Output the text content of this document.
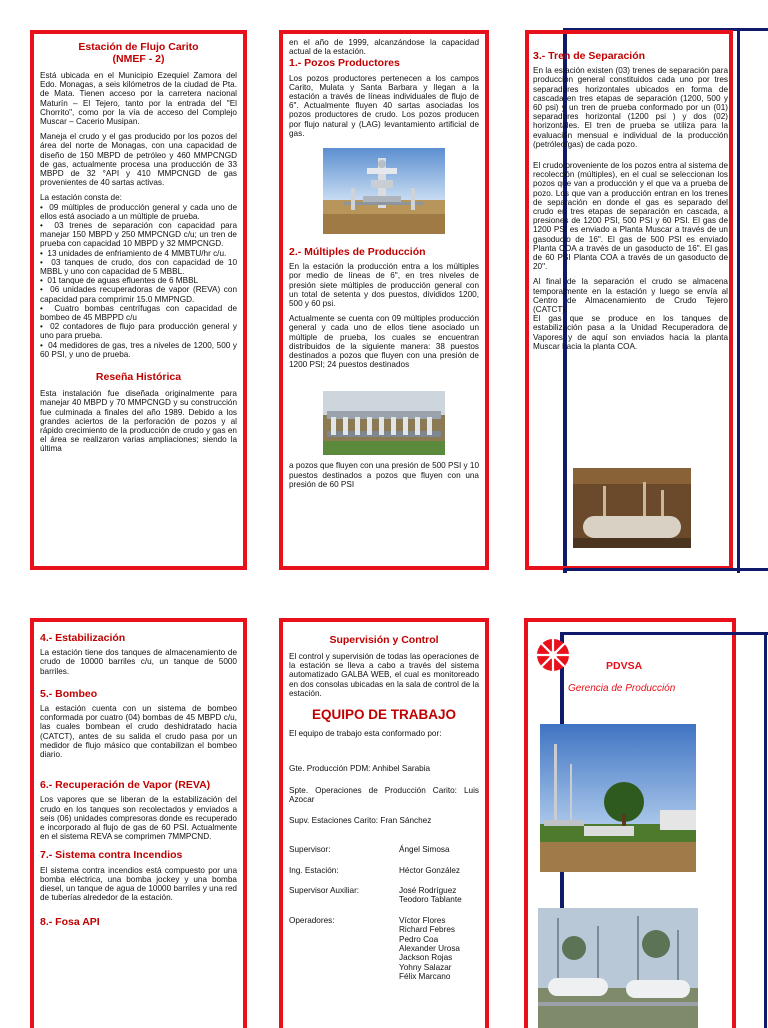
Estación de Flujo Carito
(NMEF - 2)

Está ubicada en el Municipio Ezequiel Zamora del Edo. Monagas, a seis kilómetros de la ciudad de Pta. de Mata. Tienen acceso por la carretera nacional Maturín – El Tejero, tanto por la entrada del "El Chorrito", como por la vía de acceso del Complejo Muscar – Cacerio Musipan.

Maneja el crudo y el gas producido por los pozos del área del norte de Monagas, con una capacidad de diseño de 150 MBPD de petróleo y 460 MMPCNGD de gas, actualmente procesa una producción de 33 MBPD de 32 °API y 410 MMPCNGD de gas provenientes de 40 sartas activas.

La estación consta de:
•  09 múltiples de producción general y cada uno de ellos está asociado a un múltiple de prueba.
•  03 trenes de separación con capacidad para manejar 150 MBPD y 250 MMPCNGD c/u; un tren de prueba con capacidad 10 MBPD y 32 MMPCNGD.
•  13 unidades de enfriamiento de 4 MMBTU/hr c/u.
•  03 tanques de crudo, dos con capacidad de 10 MBBL y uno con capacidad de 5 MBBL.
•  01 tanque de aguas efluentes de 6 MBBL
•  06 unidades recuperadoras de vapor (REVA) con capacidad para comprimir 15.0 MMPNGD.
•  Cuatro bombas centrífugas con capacidad de bombeo de 45 MBPPD c/u
•  02 contadores de flujo para producción general y uno para prueba.
•  04 medidores de gas, tres a niveles de 1200, 500 y 60 PSI, y uno de prueba.
Reseña Histórica

Esta instalación fue diseñada originalmente para manejar 40 MBPD y 70 MMPCNGD y su construcción fue culminada a finales del año 1989. Debido a los grandes aciertos de la perforación de pozos y al rápido crecimiento de la producción de crudo y gas en el área se realizaron varias ampliaciones; siendo la última

en el año de 1999, alcanzándose la capacidad actual de la estación.

1.- Pozos Productores

Los pozos productores pertenecen a los campos Carito, Mulata y Santa Barbara y llegan a la estación a través de líneas individuales de flujo de 6". Actualmente fluyen 40 sartas asociadas los pozos productores de crudo. Los pozos producen por flujo natural y (LAG) levantamiento artificial de gas.

2.- Múltiples de Producción

En la estación la producción entra a los múltiples por medio de líneas de 6", en tres niveles de presión siete múltiples de producción general con un total de setenta y dos puestos, divididos 1200, 500 y 60 psi.

Actualmente se cuenta con 09 múltiples producción general y cada uno de ellos tiene asociado un múltiple de prueba, los cuales se encuentran distribuidos de la siguiente manera: 38 puestos destinados a pozos que fluyen con una presión de 1200 PSI; 24 puestos destinados

a pozos que fluyen con una presión de 500 PSI y 10 puestos destinados a pozos que fluyen con una presión de 60 PSI

3.- Tren de Separación

En la estación existen (03) trenes de separación para producción general constituidos cada uno por tres separadores horizontales ubicados en forma de cascada en tres etapas de separación (1200, 500 y 60 psi) y un tren de prueba conformado por un (01) separadores horizontal (1200 psi ) y dos (02) horizontales. El tren de prueba se utiliza para la evaluación mensual e individual de la producción (petróleo/gas) de cada pozo.

El crudo proveniente de los pozos entra al sistema de recolección (múltiples), en el cual se seleccionan los pozos que van a producción y el que va a prueba de pozo. Los que van a producción entran en los trenes de separación en donde el gas es separado del crudo en tres etapas de separación en cascada, a presiones de 1200 PSI, 500 PSI y 60 PSI. El gas de 1200 PSI es enviado a Planta Muscar a través de un gasoducto de 16". El gas de 500 PSI es enviado Planta COA a través de un gasoducto de 16". El gas de 60 PSI Planta COA a través de un gasoducto de 20".

Al final de la separación el crudo se almacena temporalmente en la estación y luego se envía al Centro de Almacenamiento de Crudo Tejero (CATCT).

El gas que se produce en los tanques de estabilización pasa a la Unidad Recuperadora de Vapores y de aquí son enviados hacia la planta Muscar hacia la planta COA.

4.- Estabilización

La estación tiene dos tanques de almacenamiento de crudo de 10000 barriles c/u, un tanque de 5000 barriles.

5.- Bombeo

La estación cuenta con un sistema de bombeo conformada por cuatro (04) bombas de 45 MBPD c/u, las cuales bombean el crudo deshidratado hacia (CATCT), antes de su salida el crudo pasa por un medidor de flujo másico que contabilizan el bombeo diario.

6.- Recuperación de Vapor (REVA)

Los vapores que se liberan de la estabilización del crudo en los tanques son recolectados y enviados a seis (06) unidades compresoras donde es recuperado e incorporado al flujo de gas de 60 PSI. Actualmente en el sistema REVA se comprimen 7MMPCND.

7.- Sistema contra Incendios

El sistema contra incendios está compuesto por una bomba eléctrica, una bomba jockey y una bomba diesel, un tanque de agua de 10000 barriles y una red de tuberías alrededor de la estación.

8.- Fosa API
Supervisión y Control

El control y supervisión de todas las operaciones de la estación se lleva a cabo a través del sistema automatizado GALBA WEB, el cual es monitoreado en dos consolas ubicadas en la sala de control de la estación.

EQUIPO DE TRABAJO

El equipo de trabajo esta conformado por:

Gte. Producción PDM: Anhibel Sarabia

Spte. Operaciones de Producción Carito: Luis Azocar

Supv. Estaciones Carito: Fran Sánchez

Supervisor:	Ángel Simosa
Ing. Estación:	Héctor González
Supervisor Auxiliar:	José Rodríguez
Teodoro Tablante
Operadores:	Víctor Flores
Richard Febres
Pedro Coa
Alexander Urosa
Jackson Rojas
Yohny Salazar
Félix Marcano
PDVSA
Gerencia de Producción
